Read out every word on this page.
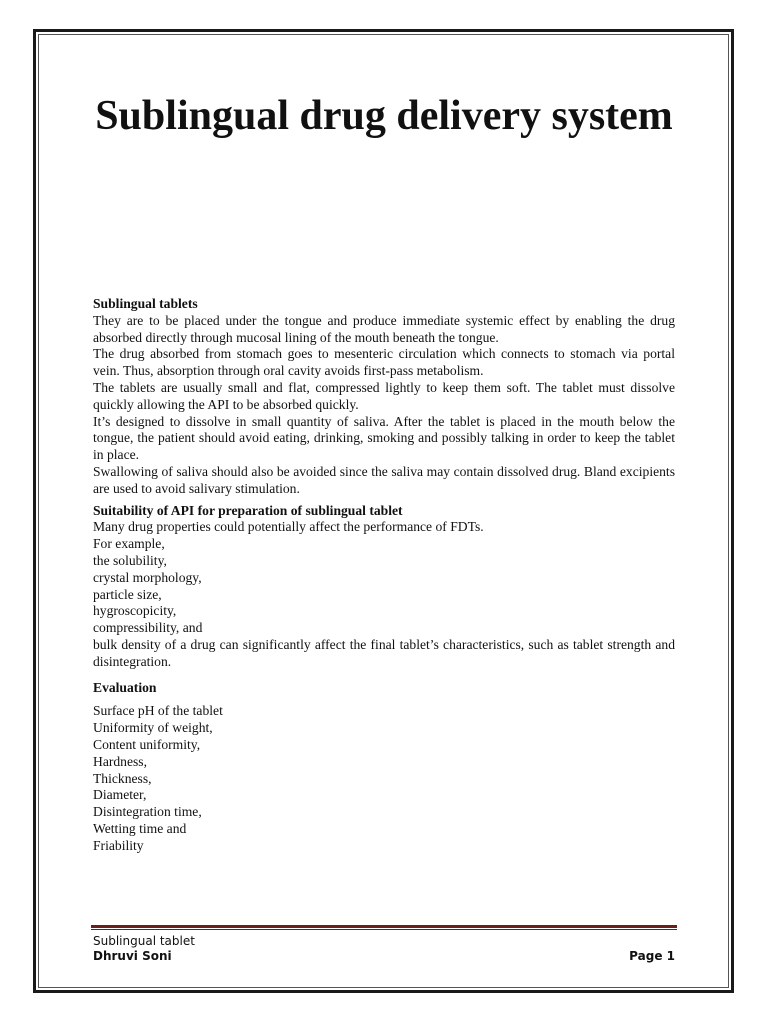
Sublingual drug delivery system

Sublingual tablets

They are to be placed under the tongue and produce immediate systemic effect by enabling the drug absorbed directly through mucosal lining of the mouth beneath the tongue.

The drug absorbed from stomach goes to mesenteric circulation which connects to stomach via portal vein. Thus, absorption through oral cavity avoids first-pass metabolism.

The tablets are usually small and flat, compressed lightly to keep them soft. The tablet must dissolve quickly allowing the API to be absorbed quickly.

It’s designed to dissolve in small quantity of saliva. After the tablet is placed in the mouth below the tongue, the patient should avoid eating, drinking, smoking and possibly talking in order to keep the tablet in place.

Swallowing of saliva should also be avoided since the saliva may contain dissolved drug. Bland excipients are used to avoid salivary stimulation.

Suitability of API for preparation of sublingual tablet

Many drug properties could potentially affect the performance of FDTs.

For example,

the solubility,
crystal morphology,
particle size,
hygroscopicity,
compressibility, and

bulk density of a drug can significantly affect the final tablet’s characteristics, such as tablet strength and disintegration.

Evaluation

Surface pH of the tablet
Uniformity of weight,
Content uniformity,
Hardness,
Thickness,
Diameter,
Disintegration time,
Wetting time and
Friability
Sublingual tablet
Dhruvi Soni	Page 1
